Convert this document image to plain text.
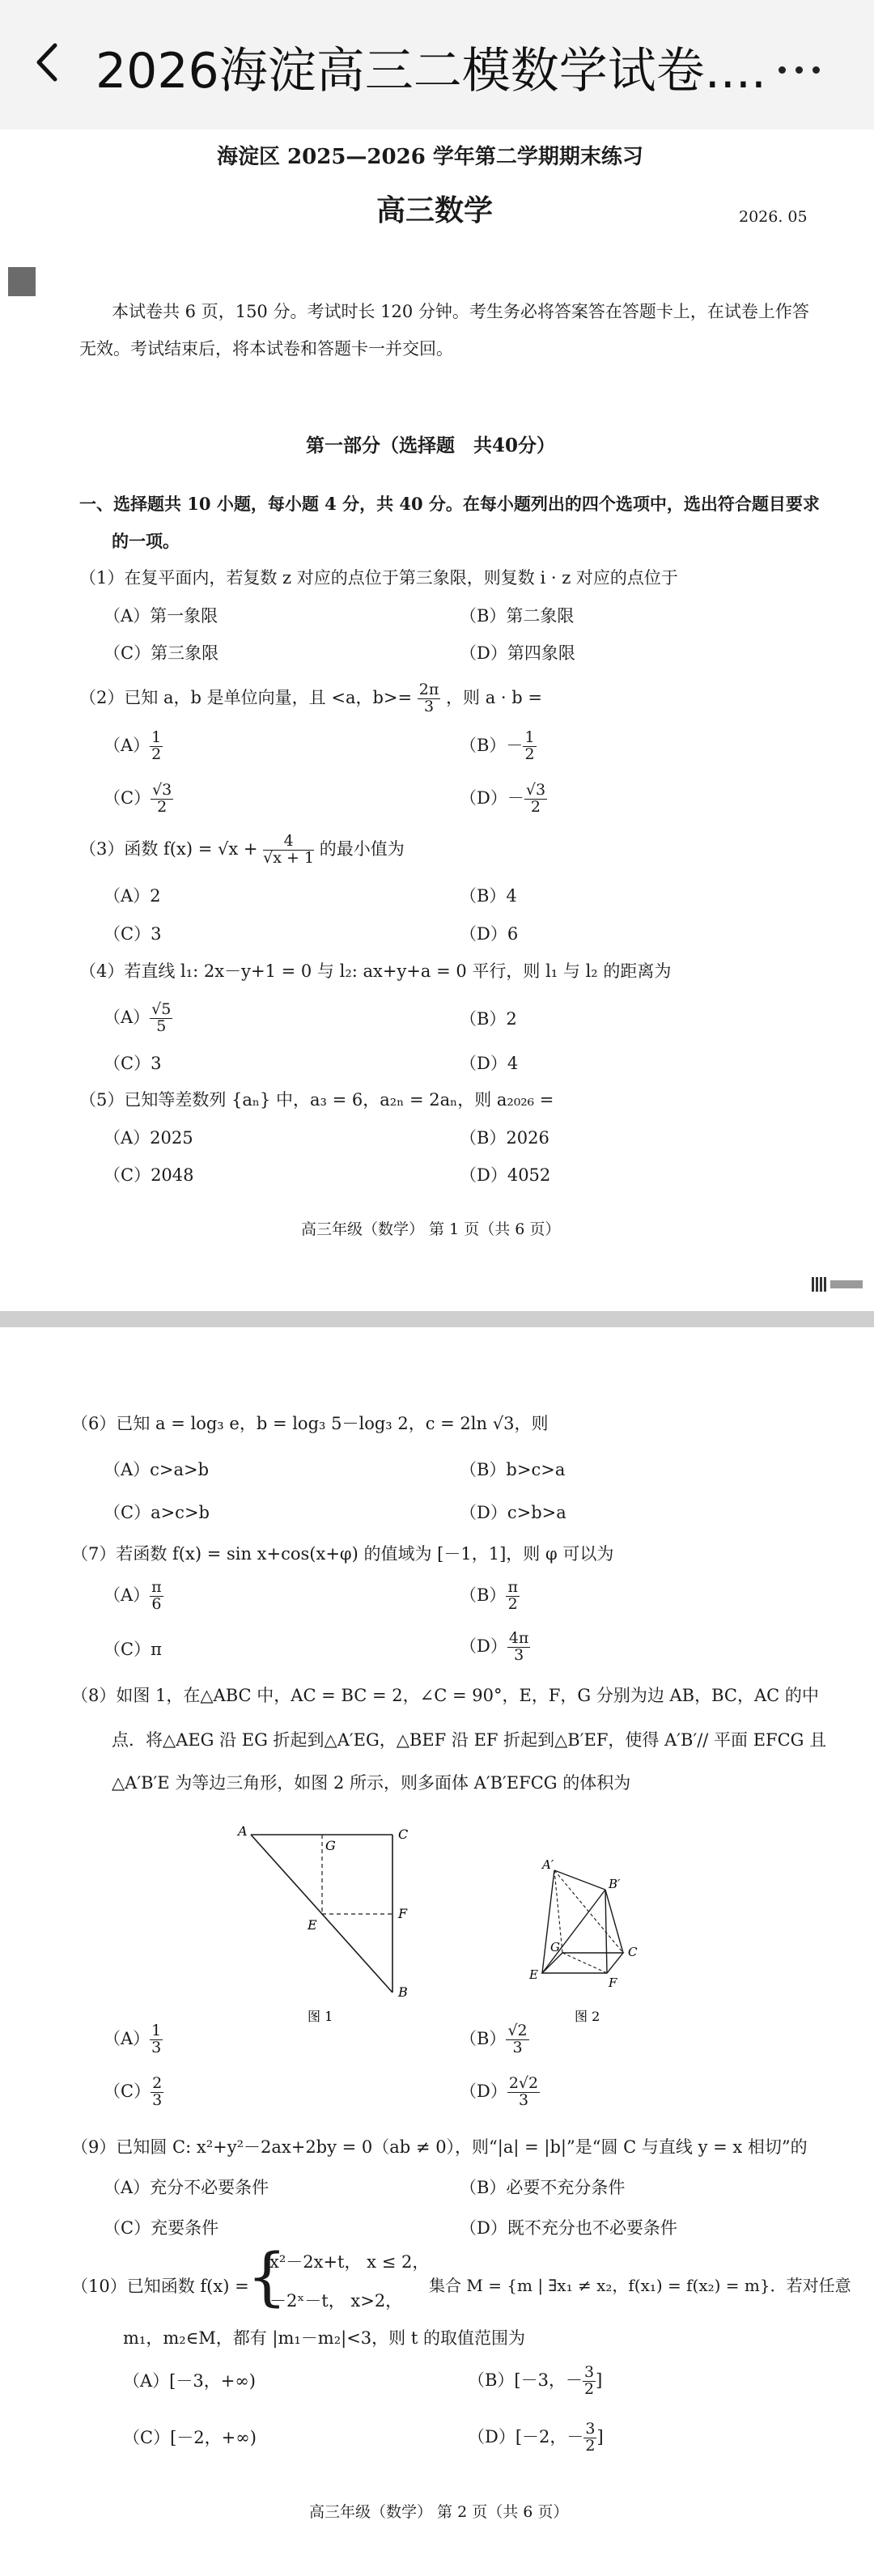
2026海淀高三二模数学试卷....
海淀区 2025—2026 学年第二学期期末练习
高三数学	2026. 05
本试卷共 6 页，150 分。考试时长 120 分钟。考生务必将答案答在答题卡上，在试卷上作答
无效。考试结束后，将本试卷和答题卡一并交回。
第一部分（选择题　共40分）
一、选择题共 10 小题，每小题 4 分，共 40 分。在每小题列出的四个选项中，选出符合题目要求
的一项。
（1）在复平面内，若复数 z 对应的点位于第三象限，则复数 i · z 对应的点位于
（A）第一象限	（B）第二象限
（C）第三象限	（D）第四象限
（2）已知 a，b 是单位向量，且 <a，$b>= \frac{2\pi}{3}$ ，则 a · b =
$(A) \frac{1}{2}$	$(B)- \frac{1}{2}$
$(C) \frac{√3}{2}$	$(D)- \frac{√3}{2}$
（3）函数 $f(x) = √x + \frac{4}{√x + 1}$ 的最小值为
（A）2	（B）4
（C）3	（D）6
（4）若直线 l₁: 2x－y+1 = 0 与 l₂: ax+y+a = 0 平行，则 l₁ 与 l₂ 的距离为
$(A) \frac{√5}{5}$	（B）2
（C）3	（D）4
（5）已知等差数列 {aₙ} 中，a₃ = 6，a₂ₙ = 2aₙ，则 a₂₀₂₆ =
（A）2025	（B）2026
（C）2048	（D）4052
高三年级（数学） 第 1 页（共 6 页）
（6）已知 a = log₃ e，b = log₃ 5－log₃ 2，c = 2ln √3，则
（A）c>a>b	（B）b>c>a
（C）a>c>b	（D）c>b>a
（7）若函数 f(x) = sin x+cos(x+φ) 的值域为 [－1，1]，则 φ 可以为
$(A) \frac{\pi}{6}$	$(B) \frac{\pi}{2}$
（C）π	$(D) \frac{4\pi}{3}$
（8）如图 1，在△ABC 中，AC = BC = 2，∠C = 90°，E，F，G 分别为边 AB，BC，AC 的中
点．将△AEG 沿 EG 折起到△A′EG，△BEF 沿 EF 折起到△B′EF，使得 A′B′// 平面 EFCG 且
△A′B′E 为等边三角形，如图 2 所示，则多面体 A′B′EFCG 的体积为
A
G
C
E
F
B
图 1
A′
B′
G	C
E
F
图 2
$(A) \frac{1}{3}$	$(B) \frac{√2}{3}$
$(C) \frac{2}{3}$	$(D) \frac{2√2}{3}$
（9）已知圆 C: x²+y²－2ax+2by = 0（ab ≠ 0），则“|a| = |b|”是“圆 C 与直线 y = x 相切”的
（A）充分不必要条件	（B）必要不充分条件
（C）充要条件	（D）既不充分也不必要条件
（10）已知函数 f(x) =
{
x²－2x+t， x ≤ 2，
－2ˣ－t， x>2，
集合 M = {m | ∃x₁ ≠ x₂，f(x₁) = f(x₂) = m}．若对任意
m₁，m₂∈M，都有 |m₁－m₂|<3，则 t 的取值范围为
（A）[－3，+∞)	（B）[－3，－ $\frac{3}{2}$ ]
（C）[－2，+∞)	（D）[－2，－ $\frac{3}{2}$ ]
高三年级（数学） 第 2 页（共 6 页）
